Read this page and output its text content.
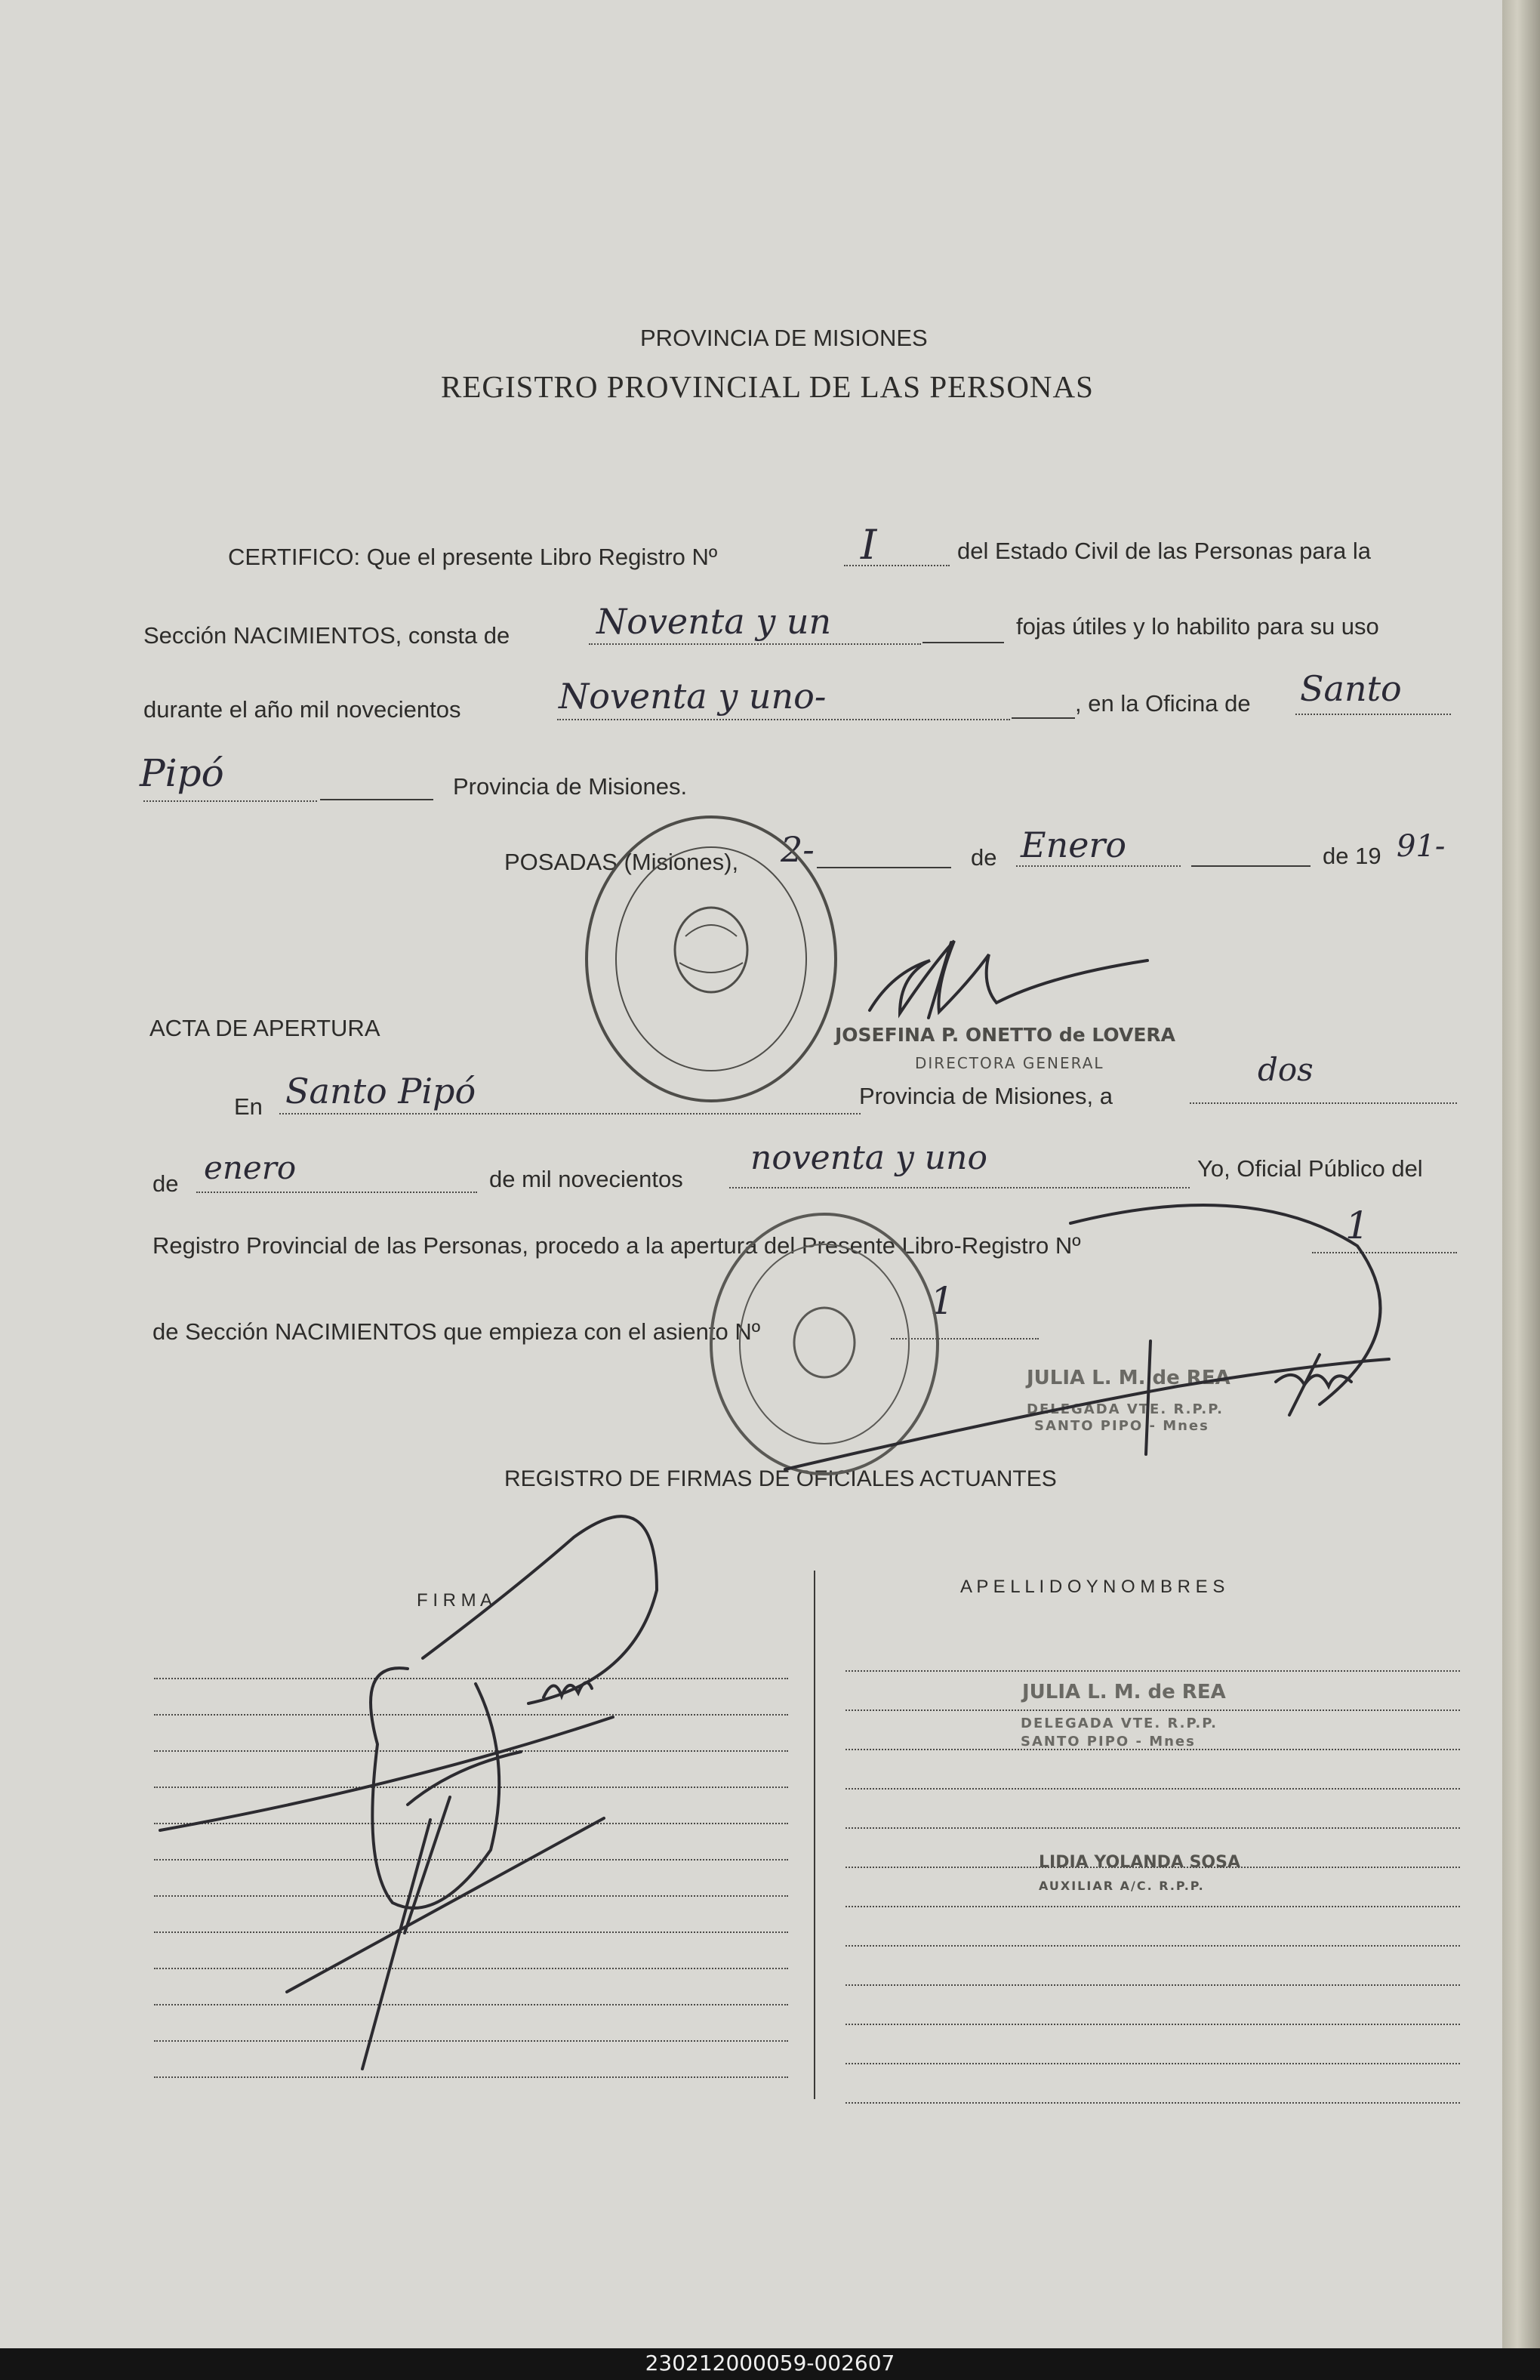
PROVINCIA DE MISIONES
REGISTRO PROVINCIAL DE LAS PERSONAS
CERTIFICO: Que el presente Libro Registro Nº	I	del Estado Civil de las Personas para la
Sección NACIMIENTOS, consta de Noventa y un	fojas útiles y lo habilito para su uso
durante el año mil novecientos	Noventa y uno-	, en la Oficina de Santo
Pipó	Provincia de Misiones.
POSADAS (Misiones), 2-	de Enero	de 19 91-
JOSEFINA P. ONETTO de LOVERA
DIRECTORA GENERAL
ACTA DE APERTURA
En Santo Pipó	Provincia de Misiones, a
dos
de enero	de mil novecientos
noventa y uno	Yo, Oficial Público del
Registro Provincial de las Personas, procedo a la apertura del Presente Libro-Registro Nº	1
de Sección NACIMIENTOS que empieza con el asiento Nº
1
JULIA L. M. de REA
DELEGADA VTE. R.P.P.
SANTO PIPO - Mnes
REGISTRO DE FIRMAS DE OFICIALES ACTUANTES
F I R M A
A P E L L I D O Y N O M B R E S
JULIA L. M. de REA
DELEGADA VTE. R.P.P.
SANTO PIPO - Mnes
LIDIA YOLANDA SOSA
AUXILIAR A/C. R.P.P.
230212000059-002607
